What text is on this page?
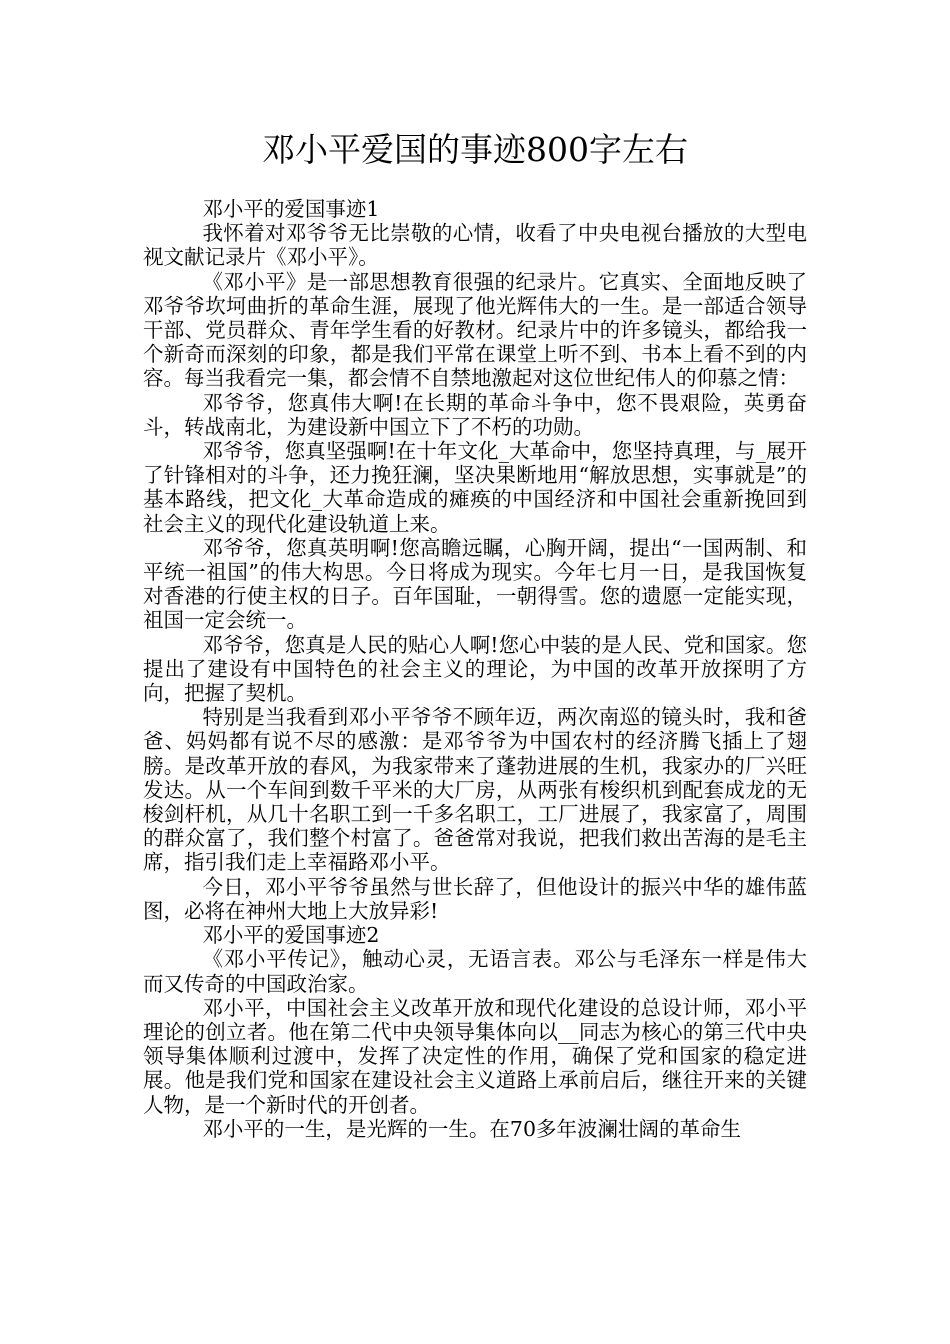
邓小平爱国的事迹800字左右

邓小平的爱国事迹1

我怀着对邓爷爷无比崇敬的心情，收看了中央电视台播放的大型电视文献记录片《邓小平》。

《邓小平》是一部思想教育很强的纪录片。它真实、全面地反映了邓爷爷坎坷曲折的革命生涯，展现了他光辉伟大的一生。是一部适合领导干部、党员群众、青年学生看的好教材。纪录片中的许多镜头，都给我一个新奇而深刻的印象，都是我们平常在课堂上听不到、书本上看不到的内容。每当我看完一集，都会情不自禁地激起对这位世纪伟人的仰慕之情：

邓爷爷，您真伟大啊!在长期的革命斗争中，您不畏艰险，英勇奋斗，转战南北，为建设新中国立下了不朽的功勋。

邓爷爷，您真坚强啊!在十年文化_大革命中，您坚持真理，与_展开了针锋相对的斗争，还力挽狂澜，坚决果断地用“解放思想，实事就是”的基本路线，把文化_大革命造成的瘫痪的中国经济和中国社会重新挽回到社会主义的现代化建设轨道上来。

邓爷爷，您真英明啊!您高瞻远瞩，心胸开阔，提出“一国两制、和平统一祖国”的伟大构思。今日将成为现实。今年七月一日，是我国恢复对香港的行使主权的日子。百年国耻，一朝得雪。您的遗愿一定能实现，祖国一定会统一。

邓爷爷，您真是人民的贴心人啊!您心中装的是人民、党和国家。您提出了建设有中国特色的社会主义的理论，为中国的改革开放探明了方向，把握了契机。

特别是当我看到邓小平爷爷不顾年迈，两次南巡的镜头时，我和爸爸、妈妈都有说不尽的感激：是邓爷爷为中国农村的经济腾飞插上了翅膀。是改革开放的春风，为我家带来了蓬勃进展的生机，我家办的厂兴旺发达。从一个车间到数千平米的大厂房，从两张有梭织机到配套成龙的无梭剑杆机，从几十名职工到一千多名职工，工厂进展了，我家富了，周围的群众富了，我们整个村富了。爸爸常对我说，把我们救出苦海的是毛主席，指引我们走上幸福路邓小平。

今日，邓小平爷爷虽然与世长辞了，但他设计的振兴中华的雄伟蓝图，必将在神州大地上大放异彩!

邓小平的爱国事迹2

《邓小平传记》，触动心灵，无语言表。邓公与毛泽东一样是伟大而又传奇的中国政治家。

邓小平，中国社会主义改革开放和现代化建设的总设计师，邓小平理论的创立者。他在第二代中央领导集体向以__同志为核心的第三代中央领导集体顺利过渡中，发挥了决定性的作用，确保了党和国家的稳定进展。他是我们党和国家在建设社会主义道路上承前启后，继往开来的关键人物，是一个新时代的开创者。

邓小平的一生，是光辉的一生。在70多年波澜壮阔的革命生
